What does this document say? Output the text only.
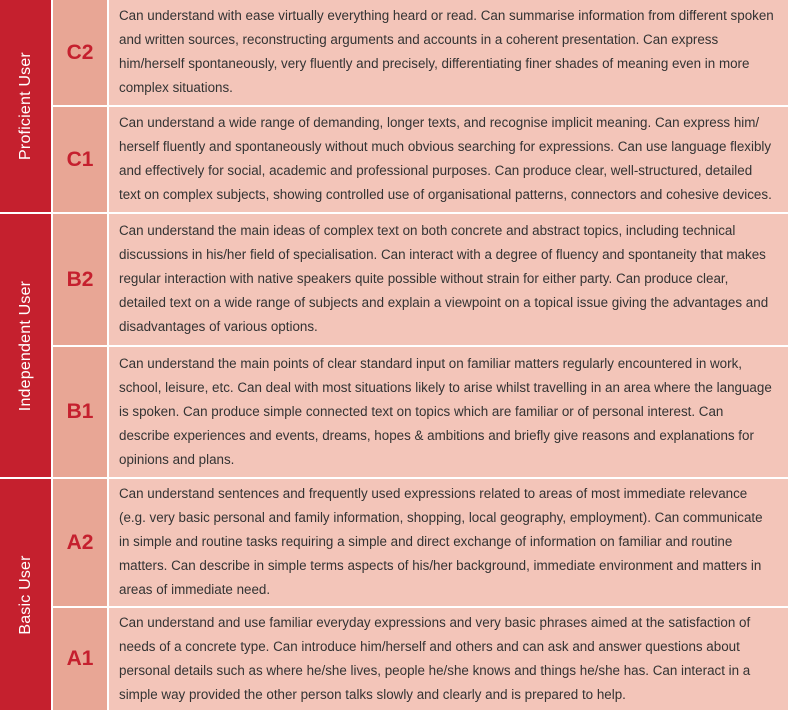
Proficient User	C2	Can understand with ease virtually everything heard or read. Can summarise information from different spoken and written sources, reconstructing arguments and accounts in a coherent presentation. Can express him/herself spontaneously, very fluently and precisely, differentiating finer shades of meaning even in more complex situations.
	C1	Can understand a wide range of demanding, longer texts, and recognise implicit meaning. Can express him/ herself fluently and spontaneously without much obvious searching for expressions. Can use language flexibly and effectively for social, academic and professional purposes. Can produce clear, well-structured, detailed text on complex subjects, showing controlled use of organisational patterns, connectors and cohesive devices.

Independent User	B2	Can understand the main ideas of complex text on both concrete and abstract topics, including technical discussions in his/her field of specialisation. Can interact with a degree of fluency and spontaneity that makes regular interaction with native speakers quite possible without strain for either party. Can produce clear, detailed text on a wide range of subjects and explain a viewpoint on a topical issue giving the advantages and disadvantages of various options.
	B1	Can understand the main points of clear standard input on familiar matters regularly encountered in work, school, leisure, etc. Can deal with most situations likely to arise whilst travelling in an area where the language is spoken. Can produce simple connected text on topics which are familiar or of personal interest. Can describe experiences and events, dreams, hopes & ambitions and briefly give reasons and explanations for opinions and plans.

Basic User	A2	Can understand sentences and frequently used expressions related to areas of most immediate relevance (e.g. very basic personal and family information, shopping, local geography, employment). Can communicate in simple and routine tasks requiring a simple and direct exchange of information on familiar and routine matters. Can describe in simple terms aspects of his/her background, immediate environment and matters in areas of immediate need.
	A1	Can understand and use familiar everyday expressions and very basic phrases aimed at the satisfaction of needs of a concrete type. Can introduce him/herself and others and can ask and answer questions about personal details such as where he/she lives, people he/she knows and things he/she has. Can interact in a simple way provided the other person talks slowly and clearly and is prepared to help.
